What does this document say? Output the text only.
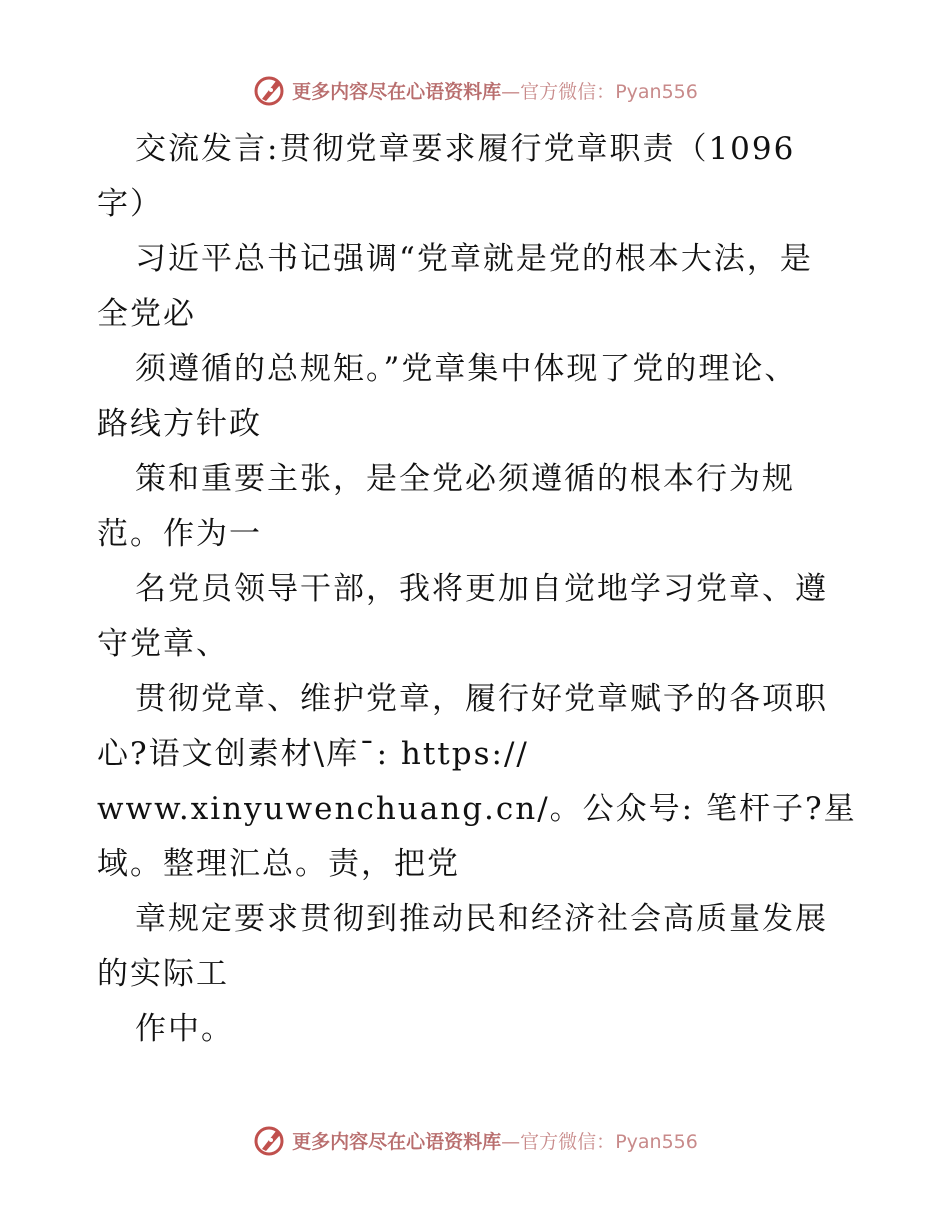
更多内容尽在心语资料库—官方微信：Pyan556
交流发言:贯彻党章要求履行党章职责（1096
字）
习近平总书记强调“党章就是党的根本大法，是
全党必
须遵循的总规矩。”党章集中体现了党的理论、
路线方针政
策和重要主张，是全党必须遵循的根本行为规
范。作为一
名党员领导干部，我将更加自觉地学习党章、遵
守党章、
贯彻党章、维护党章，履行好党章赋予的各项职
心?语文创素材\库¯: https://
www.xinyuwenchuang.cn/。公众号: 笔杆子?星
域。整理汇总。责，把党
章规定要求贯彻到推动民和经济社会高质量发展
的实际工
作中。
更多内容尽在心语资料库—官方微信：Pyan556
